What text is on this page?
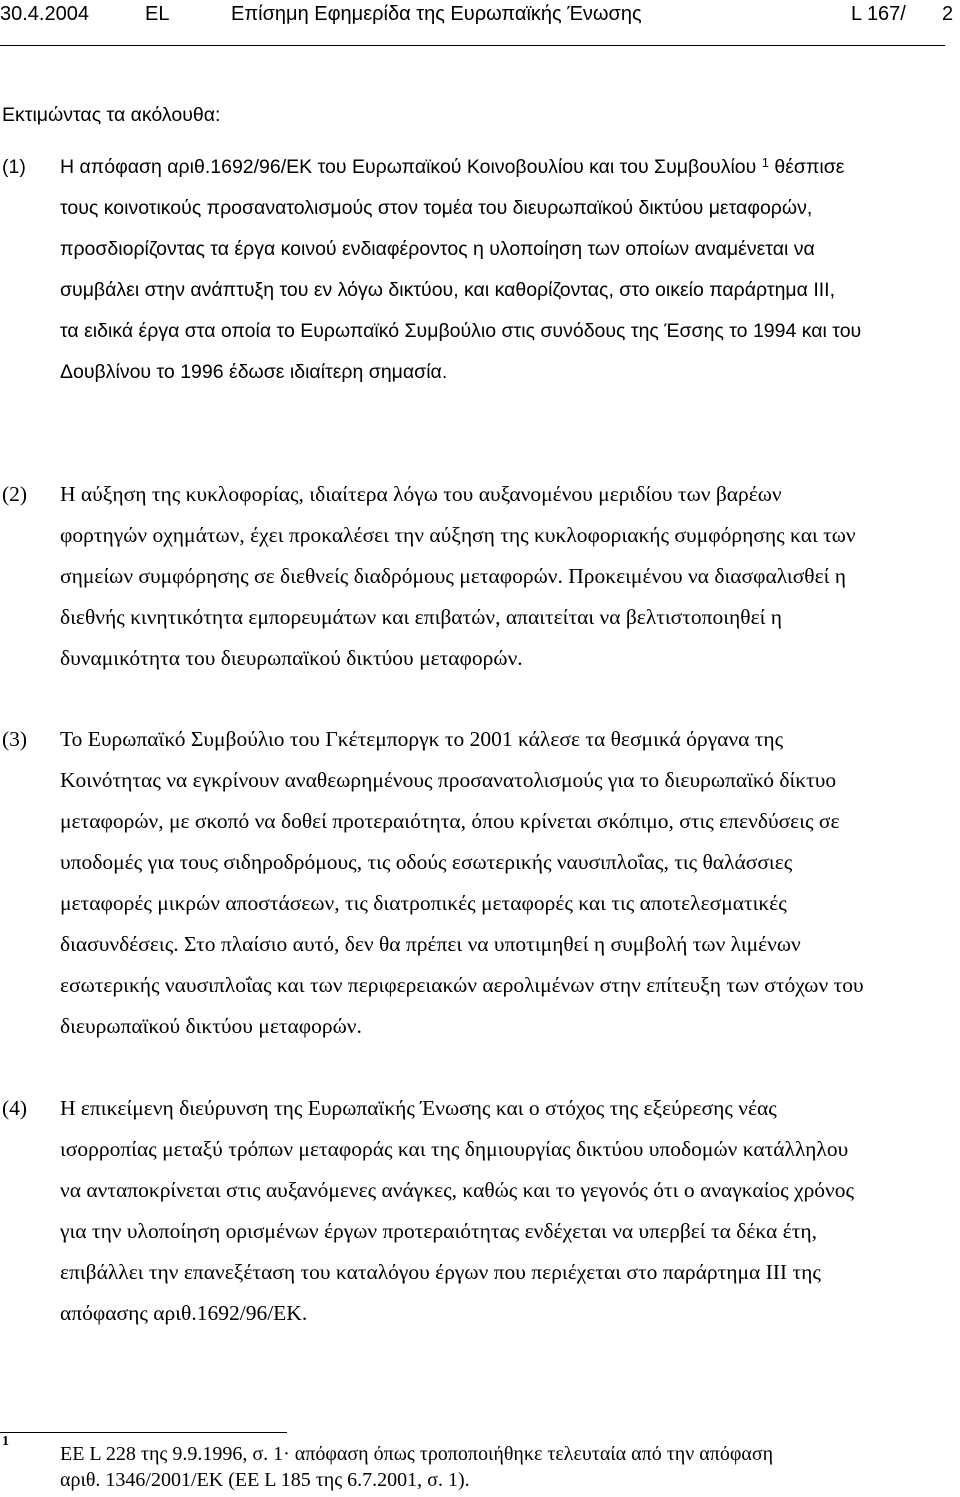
30.4.2004	EL	Επίσημη Εφημερίδα της Ευρωπαϊκής Ένωσης	L 167/ 2
Εκτιμώντας τα ακόλουθα:
(1) Η απόφαση αριθ.1692/96/ΕΚ του Ευρωπαϊκού Κοινοβουλίου και του Συμβουλίου $^1$ θέσπισε
τους κοινοτικούς προσανατολισμούς στον τομέα του διευρωπαϊκού δικτύου μεταφορών,
προσδιορίζοντας τα έργα κοινού ενδιαφέροντος η υλοποίηση των οποίων αναμένεται να
συμβάλει στην ανάπτυξη του εν λόγω δικτύου, και καθορίζοντας, στο οικείο παράρτημα ΙΙΙ,
τα ειδικά έργα στα οποία το Ευρωπαϊκό Συμβούλιο στις συνόδους της Έσσης το 1994 και του
Δουβλίνου το 1996 έδωσε ιδιαίτερη σημασία.
(2) Η αύξηση της κυκλοφορίας, ιδιαίτερα λόγω του αυξανομένου μεριδίου των βαρέων
φορτηγών οχημάτων, έχει προκαλέσει την αύξηση της κυκλοφοριακής συμφόρησης και των
σημείων συμφόρησης σε διεθνείς διαδρόμους μεταφορών. Προκειμένου να διασφαλισθεί η
διεθνής κινητικότητα εμπορευμάτων και επιβατών, απαιτείται να βελτιστοποιηθεί η
δυναμικότητα του διευρωπαϊκού δικτύου μεταφορών.
(3) Το Ευρωπαϊκό Συμβούλιο του Γκέτεμποργκ το 2001 κάλεσε τα θεσμικά όργανα της
Κοινότητας να εγκρίνουν αναθεωρημένους προσανατολισμούς για το διευρωπαϊκό δίκτυο
μεταφορών, με σκοπό να δοθεί προτεραιότητα, όπου κρίνεται σκόπιμο, στις επενδύσεις σε
υποδομές για τους σιδηροδρόμους, τις οδούς εσωτερικής ναυσιπλοΐας, τις θαλάσσιες
μεταφορές μικρών αποστάσεων, τις διατροπικές μεταφορές και τις αποτελεσματικές
διασυνδέσεις. Στο πλαίσιο αυτό, δεν θα πρέπει να υποτιμηθεί η συμβολή των λιμένων
εσωτερικής ναυσιπλοΐας και των περιφερειακών αερολιμένων στην επίτευξη των στόχων του
διευρωπαϊκού δικτύου μεταφορών.
(4) Η επικείμενη διεύρυνση της Ευρωπαϊκής Ένωσης και ο στόχος της εξεύρεσης νέας
ισορροπίας μεταξύ τρόπων μεταφοράς και της δημιουργίας δικτύου υποδομών κατάλληλου
να ανταποκρίνεται στις αυξανόμενες ανάγκες, καθώς και το γεγονός ότι ο αναγκαίος χρόνος
για την υλοποίηση ορισμένων έργων προτεραιότητας ενδέχεται να υπερβεί τα δέκα έτη,
επιβάλλει την επανεξέταση του καταλόγου έργων που περιέχεται στο παράρτημα ΙΙΙ της
απόφασης αριθ.1692/96/ΕΚ.
1
ΕΕ L 228 της 9.9.1996, σ. 1· απόφαση όπως τροποποιήθηκε τελευταία από την απόφαση
αριθ. 1346/2001/ΕΚ (ΕΕ L 185 της 6.7.2001, σ. 1).
